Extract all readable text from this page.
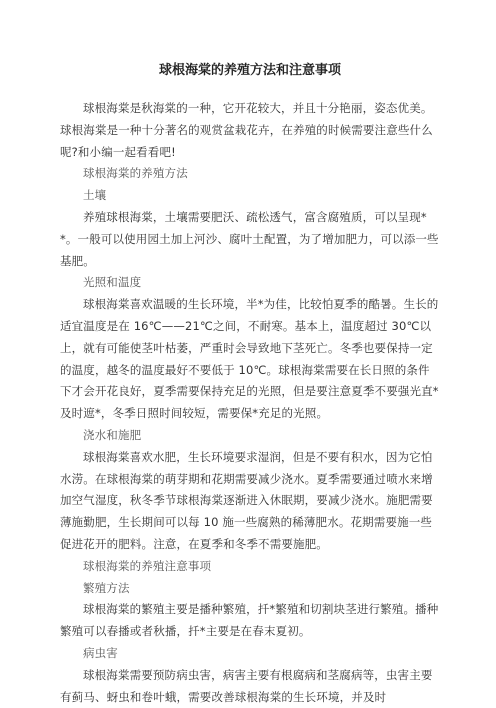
球根海棠的养殖方法和注意事项

球根海棠是秋海棠的一种，它开花较大，并且十分艳丽，姿态优美。球根海棠是一种十分著名的观赏盆栽花卉，在养殖的时候需要注意些什么呢?和小编一起看看吧!

球根海棠的养殖方法

土壤

养殖球根海棠，土壤需要肥沃、疏松透气，富含腐殖质，可以呈现**。一般可以使用园土加上河沙、腐叶土配置，为了增加肥力，可以添一些基肥。

光照和温度

球根海棠喜欢温暖的生长环境，半*为佳，比较怕夏季的酷暑。生长的适宜温度是在 16℃——21℃之间，不耐寒。基本上，温度超过 30℃以上，就有可能使茎叶枯萎，严重时会导致地下茎死亡。冬季也要保持一定的温度，越冬的温度最好不要低于 10℃。球根海棠需要在长日照的条件下才会开花良好，夏季需要保持充足的光照，但是要注意夏季不要强光直*及时遮*，冬季日照时间较短，需要保*充足的光照。

浇水和施肥

球根海棠喜欢水肥，生长环境要求湿润，但是不要有积水，因为它怕水涝。在球根海棠的萌芽期和花期需要减少浇水。夏季需要通过喷水来增加空气湿度，秋冬季节球根海棠逐渐进入休眠期，要减少浇水。施肥需要薄施勤肥，生长期间可以每 10 施一些腐熟的稀薄肥水。花期需要施一些促进花开的肥料。注意，在夏季和冬季不需要施肥。

球根海棠的养殖注意事项

繁殖方法

球根海棠的繁殖主要是播种繁殖，扦*繁殖和切割块茎进行繁殖。播种繁殖可以春播或者秋播，扦*主要是在春末夏初。

病虫害

球根海棠需要预防病虫害，病害主要有根腐病和茎腐病等，虫害主要有蓟马、蚜虫和卷叶蛾，需要改善球根海棠的生长环境，并及时
